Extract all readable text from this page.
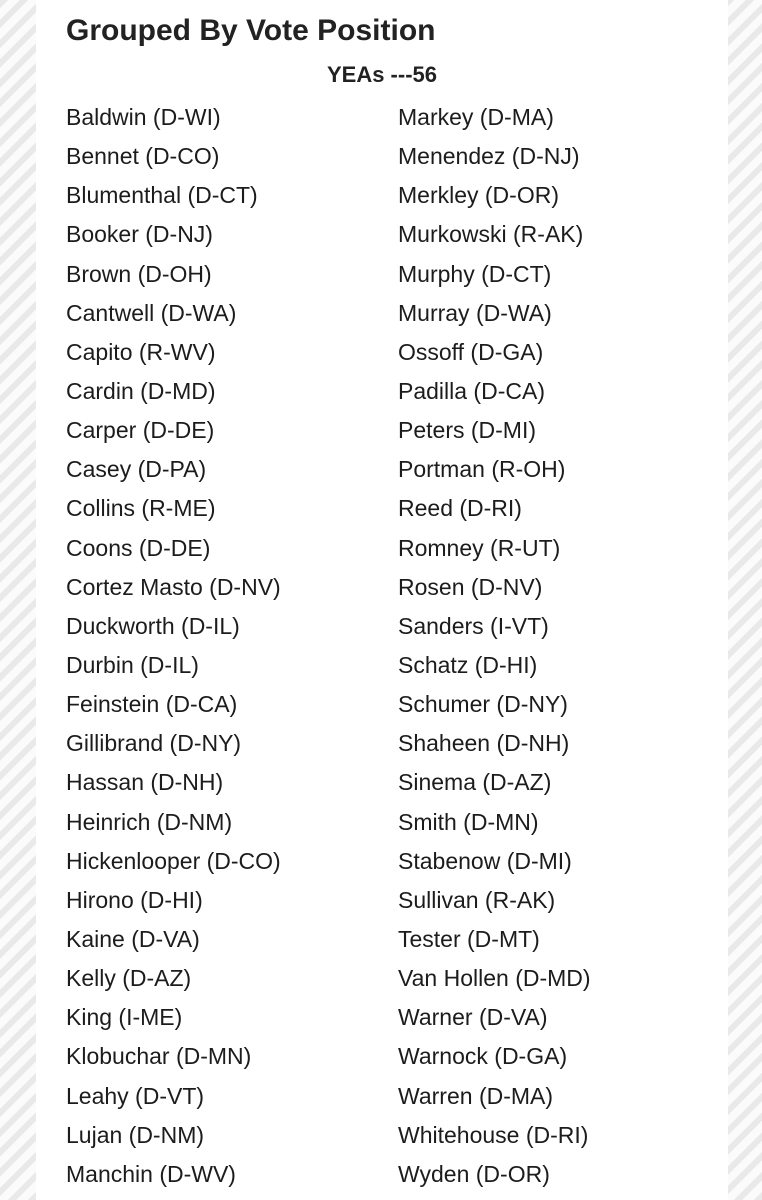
Grouped By Vote Position
YEAs ---56
Baldwin (D-WI)
Bennet (D-CO)
Blumenthal (D-CT)
Booker (D-NJ)
Brown (D-OH)
Cantwell (D-WA)
Capito (R-WV)
Cardin (D-MD)
Carper (D-DE)
Casey (D-PA)
Collins (R-ME)
Coons (D-DE)
Cortez Masto (D-NV)
Duckworth (D-IL)
Durbin (D-IL)
Feinstein (D-CA)
Gillibrand (D-NY)
Hassan (D-NH)
Heinrich (D-NM)
Hickenlooper (D-CO)
Hirono (D-HI)
Kaine (D-VA)
Kelly (D-AZ)
King (I-ME)
Klobuchar (D-MN)
Leahy (D-VT)
Lujan (D-NM)
Manchin (D-WV)
Markey (D-MA)
Menendez (D-NJ)
Merkley (D-OR)
Murkowski (R-AK)
Murphy (D-CT)
Murray (D-WA)
Ossoff (D-GA)
Padilla (D-CA)
Peters (D-MI)
Portman (R-OH)
Reed (D-RI)
Romney (R-UT)
Rosen (D-NV)
Sanders (I-VT)
Schatz (D-HI)
Schumer (D-NY)
Shaheen (D-NH)
Sinema (D-AZ)
Smith (D-MN)
Stabenow (D-MI)
Sullivan (R-AK)
Tester (D-MT)
Van Hollen (D-MD)
Warner (D-VA)
Warnock (D-GA)
Warren (D-MA)
Whitehouse (D-RI)
Wyden (D-OR)
